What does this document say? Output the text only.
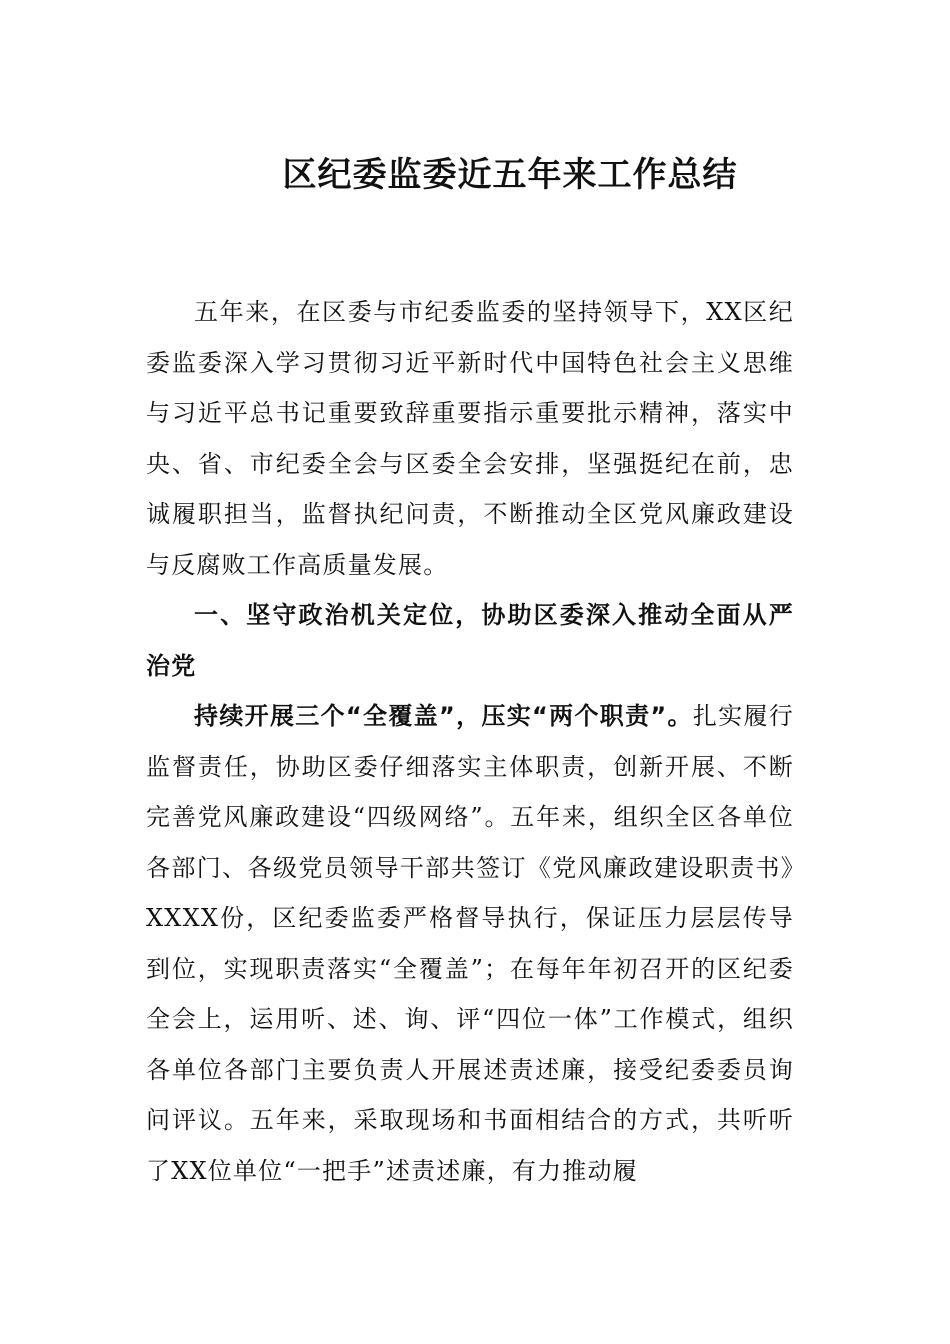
区纪委监委近五年来工作总结

五年来，在区委与市纪委监委的坚持领导下，XX区纪委监委深入学习贯彻习近平新时代中国特色社会主义思维与习近平总书记重要致辞重要指示重要批示精神，落实中央、省、市纪委全会与区委全会安排，坚强挺纪在前，忠诚履职担当，监督执纪问责，不断推动全区党风廉政建设与反腐败工作高质量发展。

一、坚守政治机关定位，协助区委深入推动全面从严治党

持续开展三个“全覆盖”，压实“两个职责”。扎实履行监督责任，协助区委仔细落实主体职责，创新开展、不断完善党风廉政建设“四级网络”。五年来，组织全区各单位各部门、各级党员领导干部共签订《党风廉政建设职责书》XXXX份，区纪委监委严格督导执行，保证压力层层传导到位，实现职责落实“全覆盖”；在每年年初召开的区纪委全会上，运用听、述、询、评“四位一体”工作模式，组织各单位各部门主要负责人开展述责述廉，接受纪委委员询问评议。五年来，采取现场和书面相结合的方式，共听听了XX位单位“一把手”述责述廉，有力推动履
